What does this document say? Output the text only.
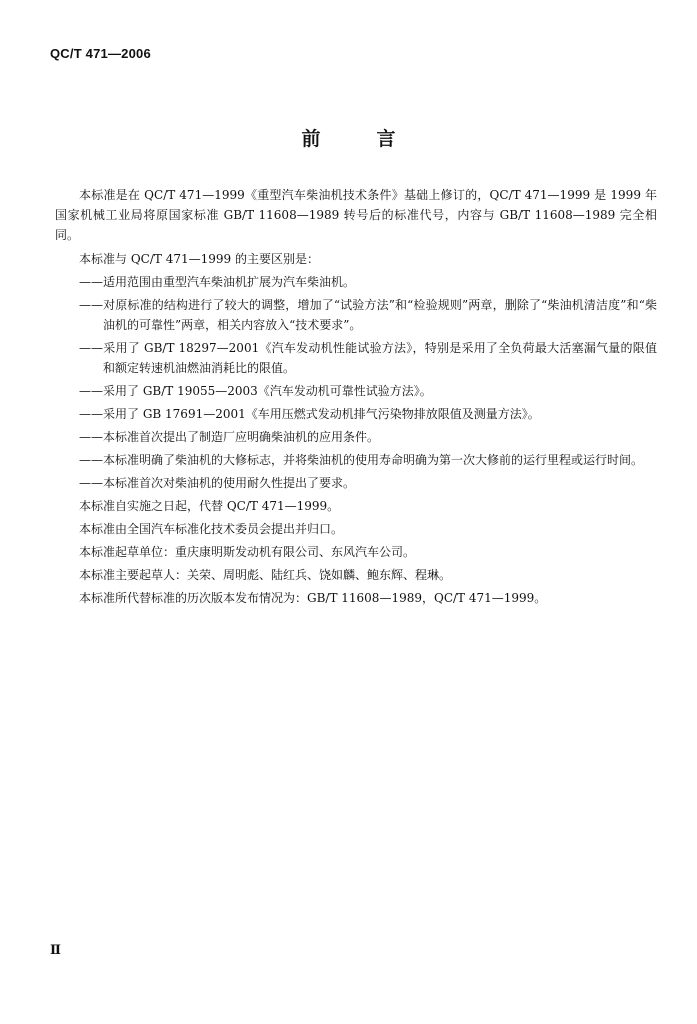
QC/T 471—2006
前 言

本标准是在 QC/T 471—1999《重型汽车柴油机技术条件》基础上修订的，QC/T 471—1999 是 1999 年国家机械工业局将原国家标准 GB/T 11608—1989 转号后的标准代号，内容与 GB/T 11608—1989 完全相同。

本标准与 QC/T 471—1999 的主要区别是：

——适用范围由重型汽车柴油机扩展为汽车柴油机。

——对原标准的结构进行了较大的调整，增加了“试验方法”和“检验规则”两章，删除了“柴油机清洁度”和“柴油机的可靠性”两章，相关内容放入“技术要求”。

——采用了 GB/T 18297—2001《汽车发动机性能试验方法》，特别是采用了全负荷最大活塞漏气量的限值和额定转速机油燃油消耗比的限值。

——采用了 GB/T 19055—2003《汽车发动机可靠性试验方法》。

——采用了 GB 17691—2001《车用压燃式发动机排气污染物排放限值及测量方法》。

——本标准首次提出了制造厂应明确柴油机的应用条件。

——本标准明确了柴油机的大修标志，并将柴油机的使用寿命明确为第一次大修前的运行里程或运行时间。

——本标准首次对柴油机的使用耐久性提出了要求。

本标准自实施之日起，代替 QC/T 471—1999。

本标准由全国汽车标准化技术委员会提出并归口。

本标准起草单位：重庆康明斯发动机有限公司、东风汽车公司。

本标准主要起草人：关荣、周明彪、陆红兵、饶如麟、鲍东辉、程琳。

本标准所代替标准的历次版本发布情况为：GB/T 11608—1989，QC/T 471—1999。

Ⅱ
